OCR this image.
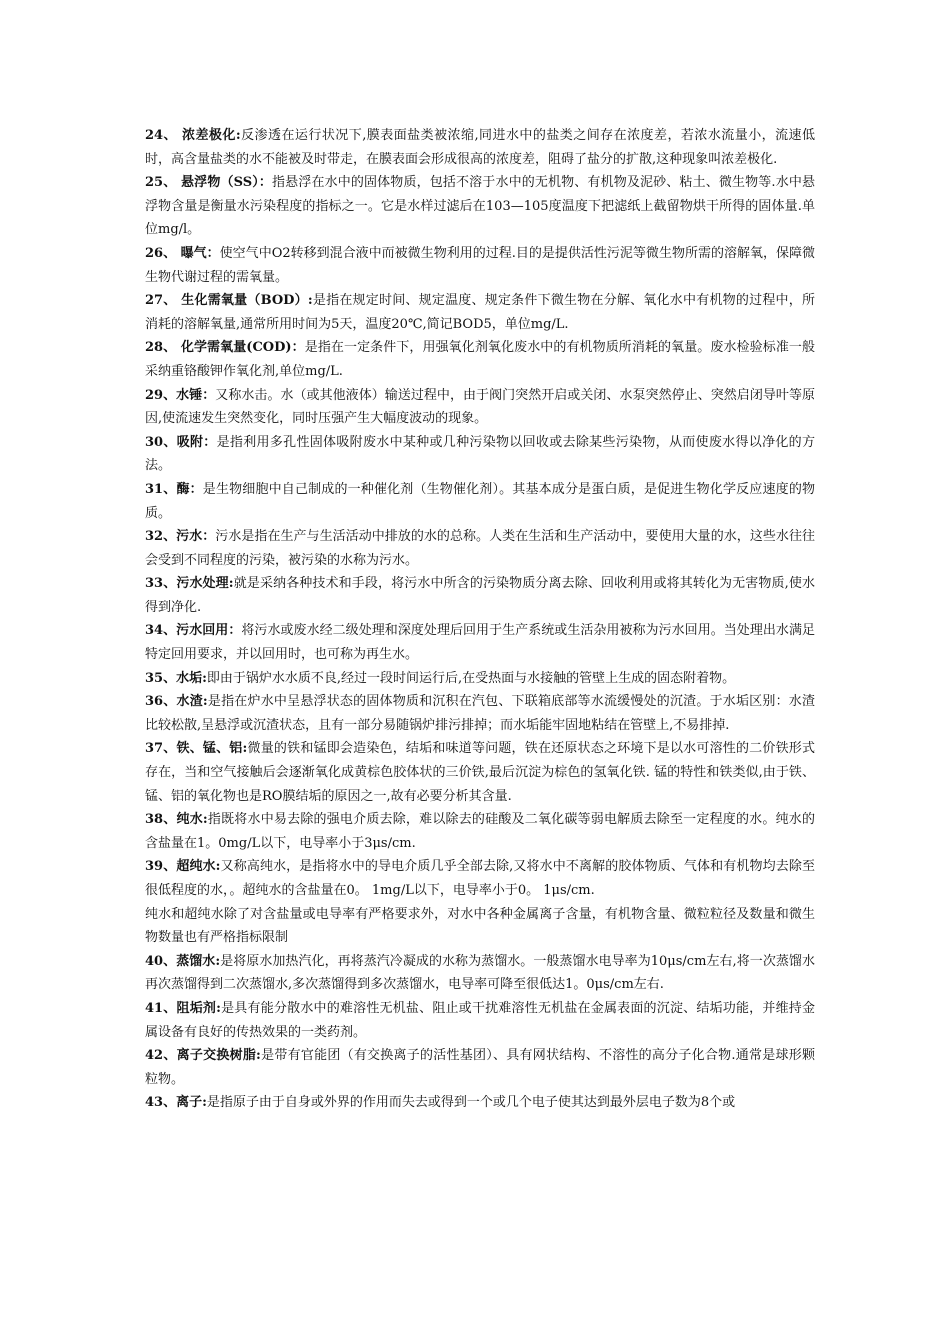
24、 浓差极化:反渗透在运行状况下,膜表面盐类被浓缩,同进水中的盐类之间存在浓度差，若浓水流量小，流速低时，高含量盐类的水不能被及时带走，在膜表面会形成很高的浓度差，阻碍了盐分的扩散,这种现象叫浓差极化.

25、 悬浮物（SS）：指悬浮在水中的固体物质，包括不溶于水中的无机物、有机物及泥砂、粘土、微生物等.水中悬浮物含量是衡量水污染程度的指标之一。它是水样过滤后在103—105度温度下把滤纸上截留物烘干所得的固体量.单位mg/l。

26、 曝气：使空气中O2转移到混合液中而被微生物利用的过程.目的是提供活性污泥等微生物所需的溶解氧，保障微生物代谢过程的需氧量。

27、 生化需氧量（BOD）:是指在规定时间、规定温度、规定条件下微生物在分解、氧化水中有机物的过程中，所消耗的溶解氧量,通常所用时间为5天，温度20℃,简记BOD5，单位mg/L.

28、 化学需氧量(COD)：是指在一定条件下，用强氧化剂氧化废水中的有机物质所消耗的氧量。废水检验标准一般采纳重铬酸钾作氧化剂,单位mg/L.

29、水锤：又称水击。水（或其他液体）输送过程中，由于阀门突然开启或关闭、水泵突然停止、突然启闭导叶等原因,使流速发生突然变化，同时压强产生大幅度波动的现象。

30、吸附：是指利用多孔性固体吸附废水中某种或几种污染物以回收或去除某些污染物，从而使废水得以净化的方法。

31、酶：是生物细胞中自己制成的一种催化剂（生物催化剂）。其基本成分是蛋白质，是促进生物化学反应速度的物质。

32、污水：污水是指在生产与生活活动中排放的水的总称。人类在生活和生产活动中，要使用大量的水，这些水往往会受到不同程度的污染，被污染的水称为污水。

33、污水处理:就是采纳各种技术和手段，将污水中所含的污染物质分离去除、回收利用或将其转化为无害物质,使水得到净化.

34、污水回用：将污水或废水经二级处理和深度处理后回用于生产系统或生活杂用被称为污水回用。当处理出水满足特定回用要求，并以回用时，也可称为再生水。

35、水垢:即由于锅炉水水质不良,经过一段时间运行后,在受热面与水接触的管壁上生成的固态附着物。

36、水渣:是指在炉水中呈悬浮状态的固体物质和沉积在汽包、下联箱底部等水流缓慢处的沉渣。于水垢区别：水渣比较松散,呈悬浮或沉渣状态，且有一部分易随锅炉排污排掉；而水垢能牢固地粘结在管壁上,不易排掉.

37、铁、锰、铝:微量的铁和锰即会造染色，结垢和味道等问题，铁在还原状态之环境下是以水可溶性的二价铁形式存在，当和空气接触后会逐渐氧化成黄棕色胶体状的三价铁,最后沉淀为棕色的氢氧化铁. 锰的特性和铁类似,由于铁、锰、铝的氧化物也是RO膜结垢的原因之一,故有必要分析其含量.

38、纯水:指既将水中易去除的强电介质去除，难以除去的硅酸及二氧化碳等弱电解质去除至一定程度的水。纯水的含盐量在1。0mg/L以下，电导率小于3μs/cm.

39、超纯水:又称高纯水，是指将水中的导电介质几乎全部去除,又将水中不离解的胶体物质、气体和有机物均去除至很低程度的水，。超纯水的含盐量在0。 1mg/L以下，电导率小于0。 1μs/cm.

纯水和超纯水除了对含盐量或电导率有严格要求外，对水中各种金属离子含量，有机物含量、微粒粒径及数量和微生物数量也有严格指标限制

40、蒸馏水:是将原水加热汽化，再将蒸汽冷凝成的水称为蒸馏水。一般蒸馏水电导率为10μs/cm左右,将一次蒸馏水再次蒸馏得到二次蒸馏水,多次蒸馏得到多次蒸馏水，电导率可降至很低达1。0μs/cm左右.

41、阻垢剂:是具有能分散水中的难溶性无机盐、阻止或干扰难溶性无机盐在金属表面的沉淀、结垢功能，并维持金属设备有良好的传热效果的一类药剂。

42、离子交换树脂:是带有官能团（有交换离子的活性基团）、具有网状结构、不溶性的高分子化合物.通常是球形颗粒物。

43、离子:是指原子由于自身或外界的作用而失去或得到一个或几个电子使其达到最外层电子数为8个或
